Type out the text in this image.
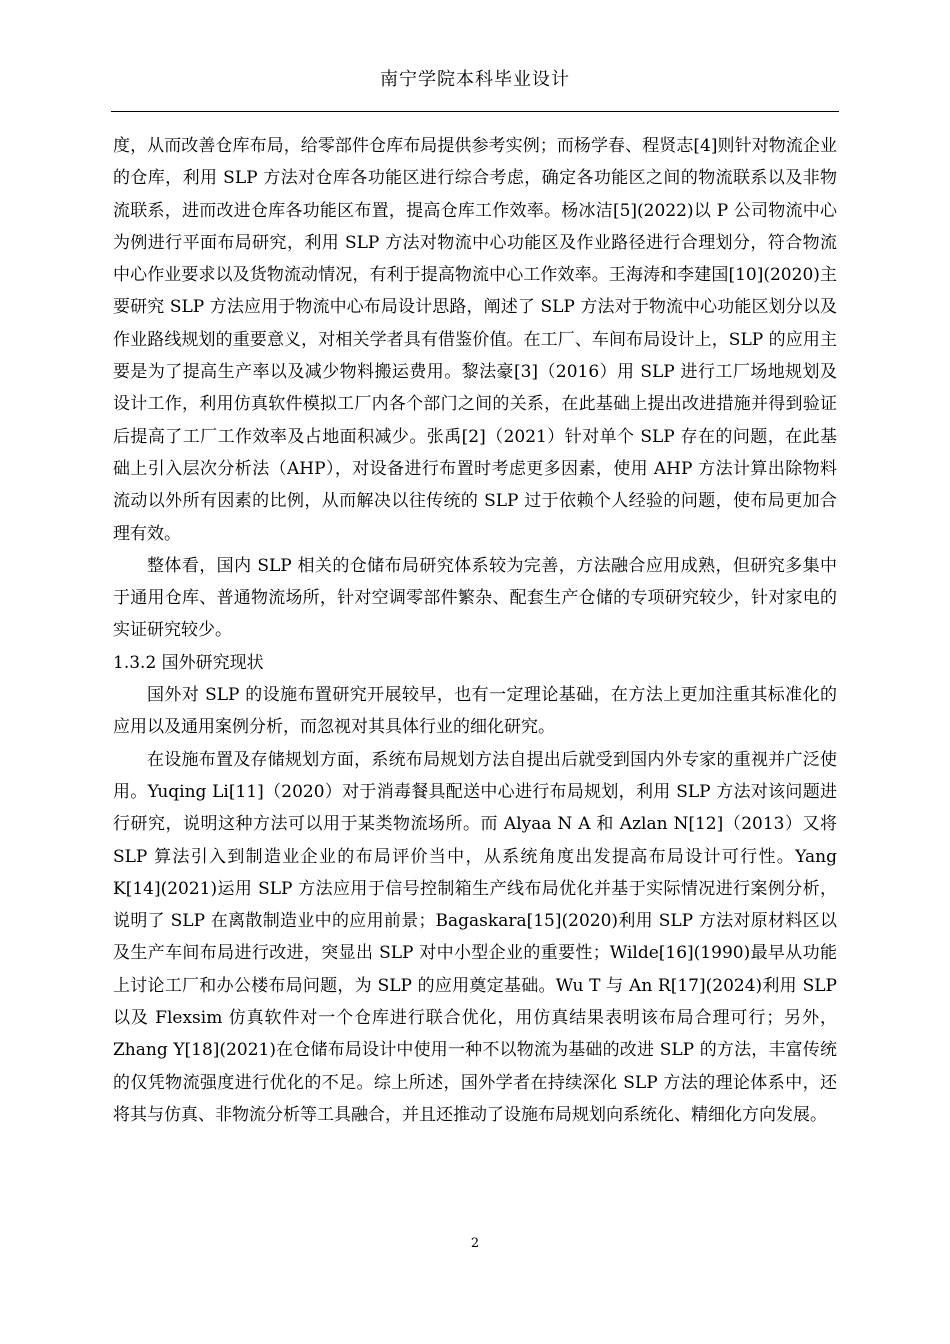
南宁学院本科毕业设计

度，从而改善仓库布局，给零部件仓库布局提供参考实例；而杨学春、程贤志[4]则针对物流企业的仓库，利用 SLP 方法对仓库各功能区进行综合考虑，确定各功能区之间的物流联系以及非物流联系，进而改进仓库各功能区布置，提高仓库工作效率。杨冰洁[5](2022)以 P 公司物流中心为例进行平面布局研究，利用 SLP 方法对物流中心功能区及作业路径进行合理划分，符合物流中心作业要求以及货物流动情况，有利于提高物流中心工作效率。王海涛和李建国[10](2020)主要研究 SLP 方法应用于物流中心布局设计思路，阐述了 SLP 方法对于物流中心功能区划分以及作业路线规划的重要意义，对相关学者具有借鉴价值。在工厂、车间布局设计上，SLP 的应用主要是为了提高生产率以及减少物料搬运费用。黎法豪[3]（2016）用 SLP 进行工厂场地规划及设计工作，利用仿真软件模拟工厂内各个部门之间的关系，在此基础上提出改进措施并得到验证后提高了工厂工作效率及占地面积减少。张禹[2]（2021）针对单个 SLP 存在的问题，在此基础上引入层次分析法（AHP），对设备进行布置时考虑更多因素，使用 AHP 方法计算出除物料流动以外所有因素的比例，从而解决以往传统的 SLP 过于依赖个人经验的问题，使布局更加合理有效。

整体看，国内 SLP 相关的仓储布局研究体系较为完善，方法融合应用成熟，但研究多集中于通用仓库、普通物流场所，针对空调零部件繁杂、配套生产仓储的专项研究较少，针对家电的实证研究较少。

1.3.2 国外研究现状

国外对 SLP 的设施布置研究开展较早，也有一定理论基础，在方法上更加注重其标准化的应用以及通用案例分析，而忽视对其具体行业的细化研究。

在设施布置及存储规划方面，系统布局规划方法自提出后就受到国内外专家的重视并广泛使用。Yuqing Li[11]（2020）对于消毒餐具配送中心进行布局规划，利用 SLP 方法对该问题进行研究，说明这种方法可以用于某类物流场所。而 Alyaa N A 和 Azlan N[12]（2013）又将 SLP 算法引入到制造业企业的布局评价当中，从系统角度出发提高布局设计可行性。Yang K[14](2021)运用 SLP 方法应用于信号控制箱生产线布局优化并基于实际情况进行案例分析，说明了 SLP 在离散制造业中的应用前景；Bagaskara[15](2020)利用 SLP 方法对原材料区以及生产车间布局进行改进，突显出 SLP 对中小型企业的重要性；Wilde[16](1990)最早从功能上讨论工厂和办公楼布局问题，为 SLP 的应用奠定基础。Wu T 与 An R[17](2024)利用 SLP 以及 Flexsim 仿真软件对一个仓库进行联合优化，用仿真结果表明该布局合理可行；另外，Zhang Y[18](2021)在仓储布局设计中使用一种不以物流为基础的改进 SLP 的方法，丰富传统的仅凭物流强度进行优化的不足。综上所述，国外学者在持续深化 SLP 方法的理论体系中，还将其与仿真、非物流分析等工具融合，并且还推动了设施布局规划向系统化、精细化方向发展。

2
